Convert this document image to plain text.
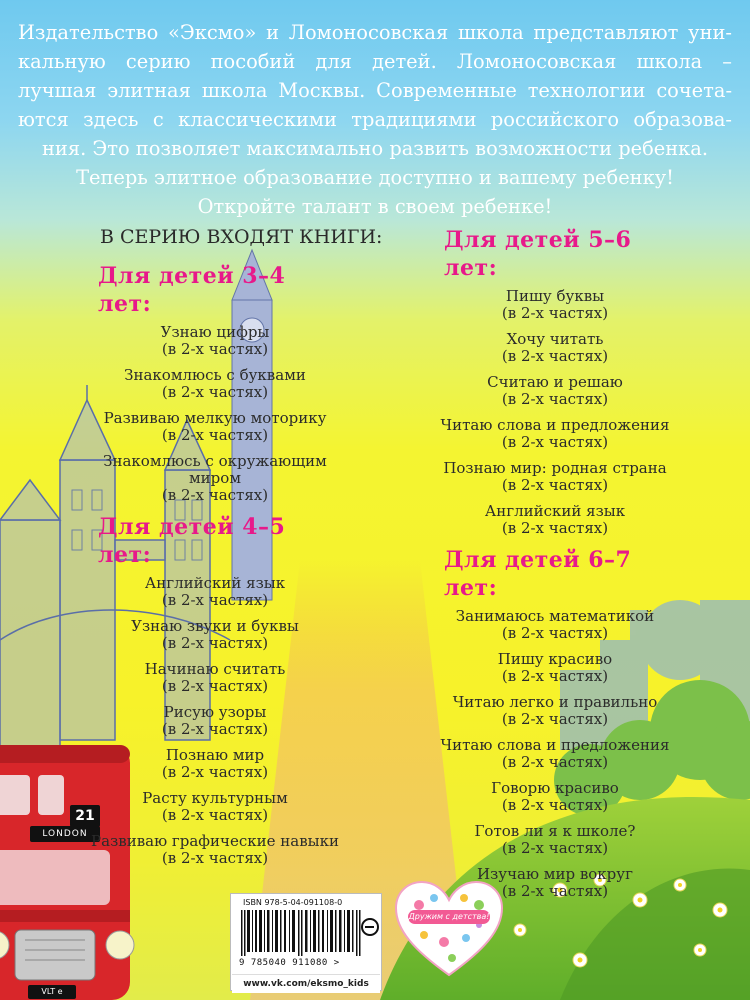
21
LONDON
VLT e
Издательство «Эксмо» и Ломоносовская школа представляют уни-
кальную серию пособий для детей. Ломоносовская школа –
лучшая элитная школа Москвы. Современные технологии сочета-
ются здесь с классическими традициями российского образова-
ния. Это позволяет максимально развить возможности ребенка.
Теперь элитное образование доступно и вашему ребенку!
Откройте талант в своем ребенке!
В СЕРИЮ ВХОДЯТ КНИГИ:
Для детей 3–4 лет:
Узнаю цифры
(в 2-х частях)
Знакомлюсь с буквами
(в 2-х частях)
Развиваю мелкую моторику
(в 2-х частях)
Знакомлюсь с окружающим миром
(в 2-х частях)
Для детей 4–5 лет:
Английский язык
(в 2-х частях)
Узнаю звуки и буквы
(в 2-х частях)
Начинаю считать
(в 2-х частях)
Рисую узоры
(в 2-х частях)
Познаю мир
(в 2-х частях)
Расту культурным
(в 2-х частях)
Развиваю графические навыки
(в 2-х частях)
Для детей 5–6 лет:
Пишу буквы
(в 2-х частях)
Хочу читать
(в 2-х частях)
Считаю и решаю
(в 2-х частях)
Читаю слова и предложения
(в 2-х частях)
Познаю мир: родная страна
(в 2-х частях)
Английский язык
(в 2-х частях)
Для детей 6–7 лет:
Занимаюсь математикой
(в 2-х частях)
Пишу красиво
(в 2-х частях)
Читаю легко и правильно
(в 2-х частях)
Читаю слова и предложения
(в 2-х частях)
Говорю красиво
(в 2-х частях)
Готов ли я к школе?
(в 2-х частях)
Изучаю мир вокруг
(в 2-х частях)
ISBN 978-5-04-091108-0
9 785040 911080 >
www.vk.com/eksmo_kids
Дружим с детства!
